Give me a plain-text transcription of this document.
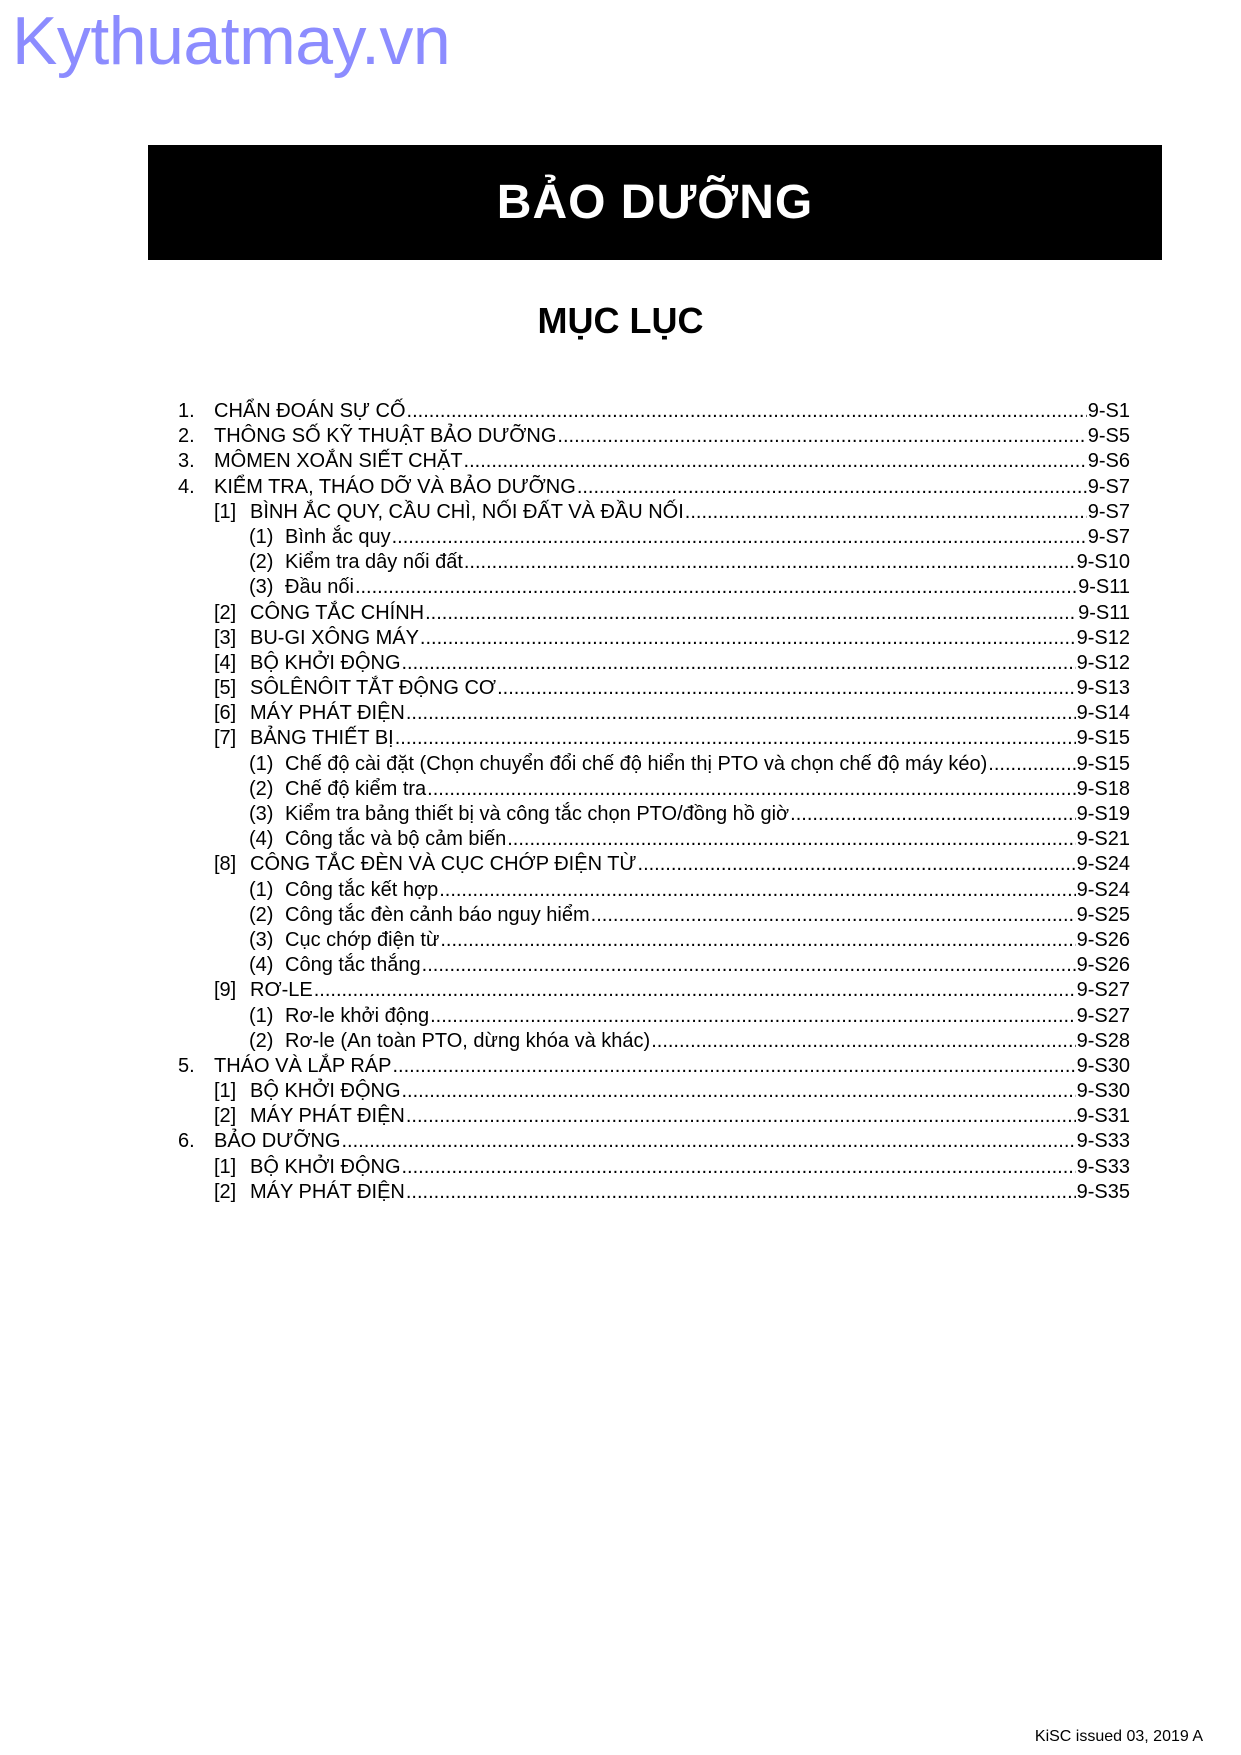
Kythuatmay.vn
BẢO DƯỠNG
MỤC LỤC
1. CHẨN ĐOÁN SỰ CỐ .....	9-S1
2. THÔNG SỐ KỸ THUẬT BẢO DƯỠNG .....	9-S5
3. MÔMEN XOẮN SIẾT CHẶT .....	9-S6
4. KIỂM TRA, THÁO DỠ VÀ BẢO DƯỠNG .....	9-S7
[1] BÌNH ẮC QUY, CẦU CHÌ, NỐI ĐẤT VÀ ĐẦU NỐI .....	9-S7
(1) Bình ắc quy .....	9-S7
(2) Kiểm tra dây nối đất .....	9-S10
(3) Đầu nối .....	9-S11
[2] CÔNG TẮC CHÍNH .....	9-S11
[3] BU-GI XÔNG MÁY .....	9-S12
[4] BỘ KHỞI ĐỘNG .....	9-S12
[5] SÔLÊNÔIT TẮT ĐỘNG CƠ .....	9-S13
[6] MÁY PHÁT ĐIỆN .....	9-S14
[7] BẢNG THIẾT BỊ .....	9-S15
(1) Chế độ cài đặt (Chọn chuyển đổi chế độ hiển thị PTO và chọn chế độ máy kéo) .....	9-S15
(2) Chế độ kiểm tra .....	9-S18
(3) Kiểm tra bảng thiết bị và công tắc chọn PTO/đồng hồ giờ .....	9-S19
(4) Công tắc và bộ cảm biến .....	9-S21
[8] CÔNG TẮC ĐÈN VÀ CỤC CHỚP ĐIỆN TỪ .....	9-S24
(1) Công tắc kết hợp .....	9-S24
(2) Công tắc đèn cảnh báo nguy hiểm .....	9-S25
(3) Cục chớp điện từ .....	9-S26
(4) Công tắc thắng .....	9-S26
[9] RƠ-LE .....	9-S27
(1) Rơ-le khởi động .....	9-S27
(2) Rơ-le (An toàn PTO, dừng khóa và khác) .....	9-S28
5. THÁO VÀ LẮP RÁP .....	9-S30
[1] BỘ KHỞI ĐỘNG .....	9-S30
[2] MÁY PHÁT ĐIỆN .....	9-S31
6. BẢO DƯỠNG .....	9-S33
[1] BỘ KHỞI ĐỘNG .....	9-S33
[2] MÁY PHÁT ĐIỆN .....	9-S35
KiSC issued 03, 2019 A
